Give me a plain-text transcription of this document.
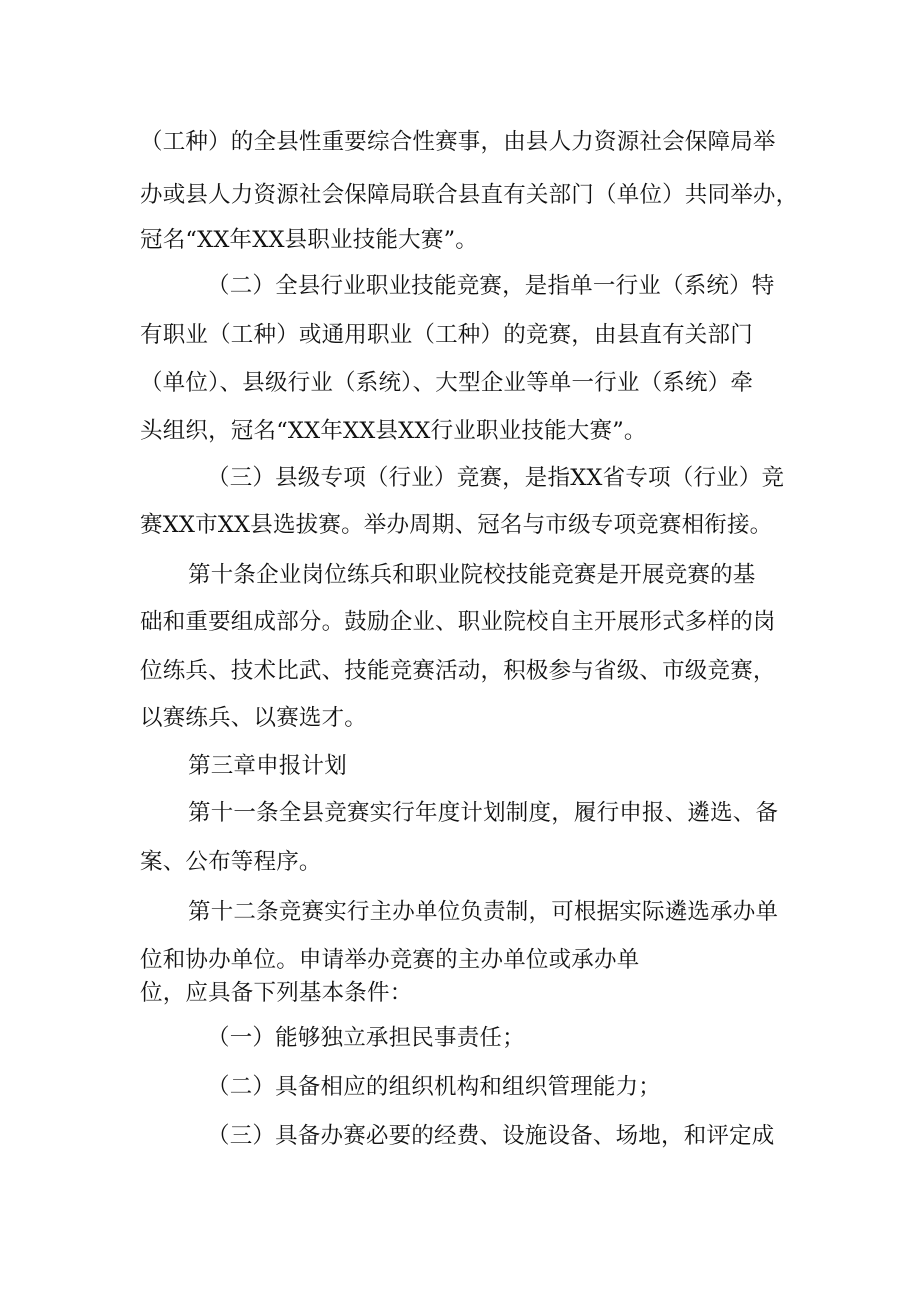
（工种）的全县性重要综合性赛事，由县人力资源社会保障局举
办或县人力资源社会保障局联合县直有关部门（单位）共同举办，
冠名“XX年XX县职业技能大赛”。
（二）全县行业职业技能竞赛，是指单一行业（系统）特
有职业（工种）或通用职业（工种）的竞赛，由县直有关部门
（单位）、县级行业（系统）、大型企业等单一行业（系统）牵
头组织，冠名“XX年XX县XX行业职业技能大赛”。
（三）县级专项（行业）竞赛，是指XX省专项（行业）竞
赛XX市XX县选拔赛。举办周期、冠名与市级专项竞赛相衔接。
第十条企业岗位练兵和职业院校技能竞赛是开展竞赛的基
础和重要组成部分。鼓励企业、职业院校自主开展形式多样的岗
位练兵、技术比武、技能竞赛活动，积极参与省级、市级竞赛，
以赛练兵、以赛选才。
第三章申报计划
第十一条全县竞赛实行年度计划制度，履行申报、遴选、备
案、公布等程序。
第十二条竞赛实行主办单位负责制，可根据实际遴选承办单
位和协办单位。申请举办竞赛的主办单位或承办单
位，应具备下列基本条件：
（一）能够独立承担民事责任；
（二）具备相应的组织机构和组织管理能力；
（三）具备办赛必要的经费、设施设备、场地，和评定成
